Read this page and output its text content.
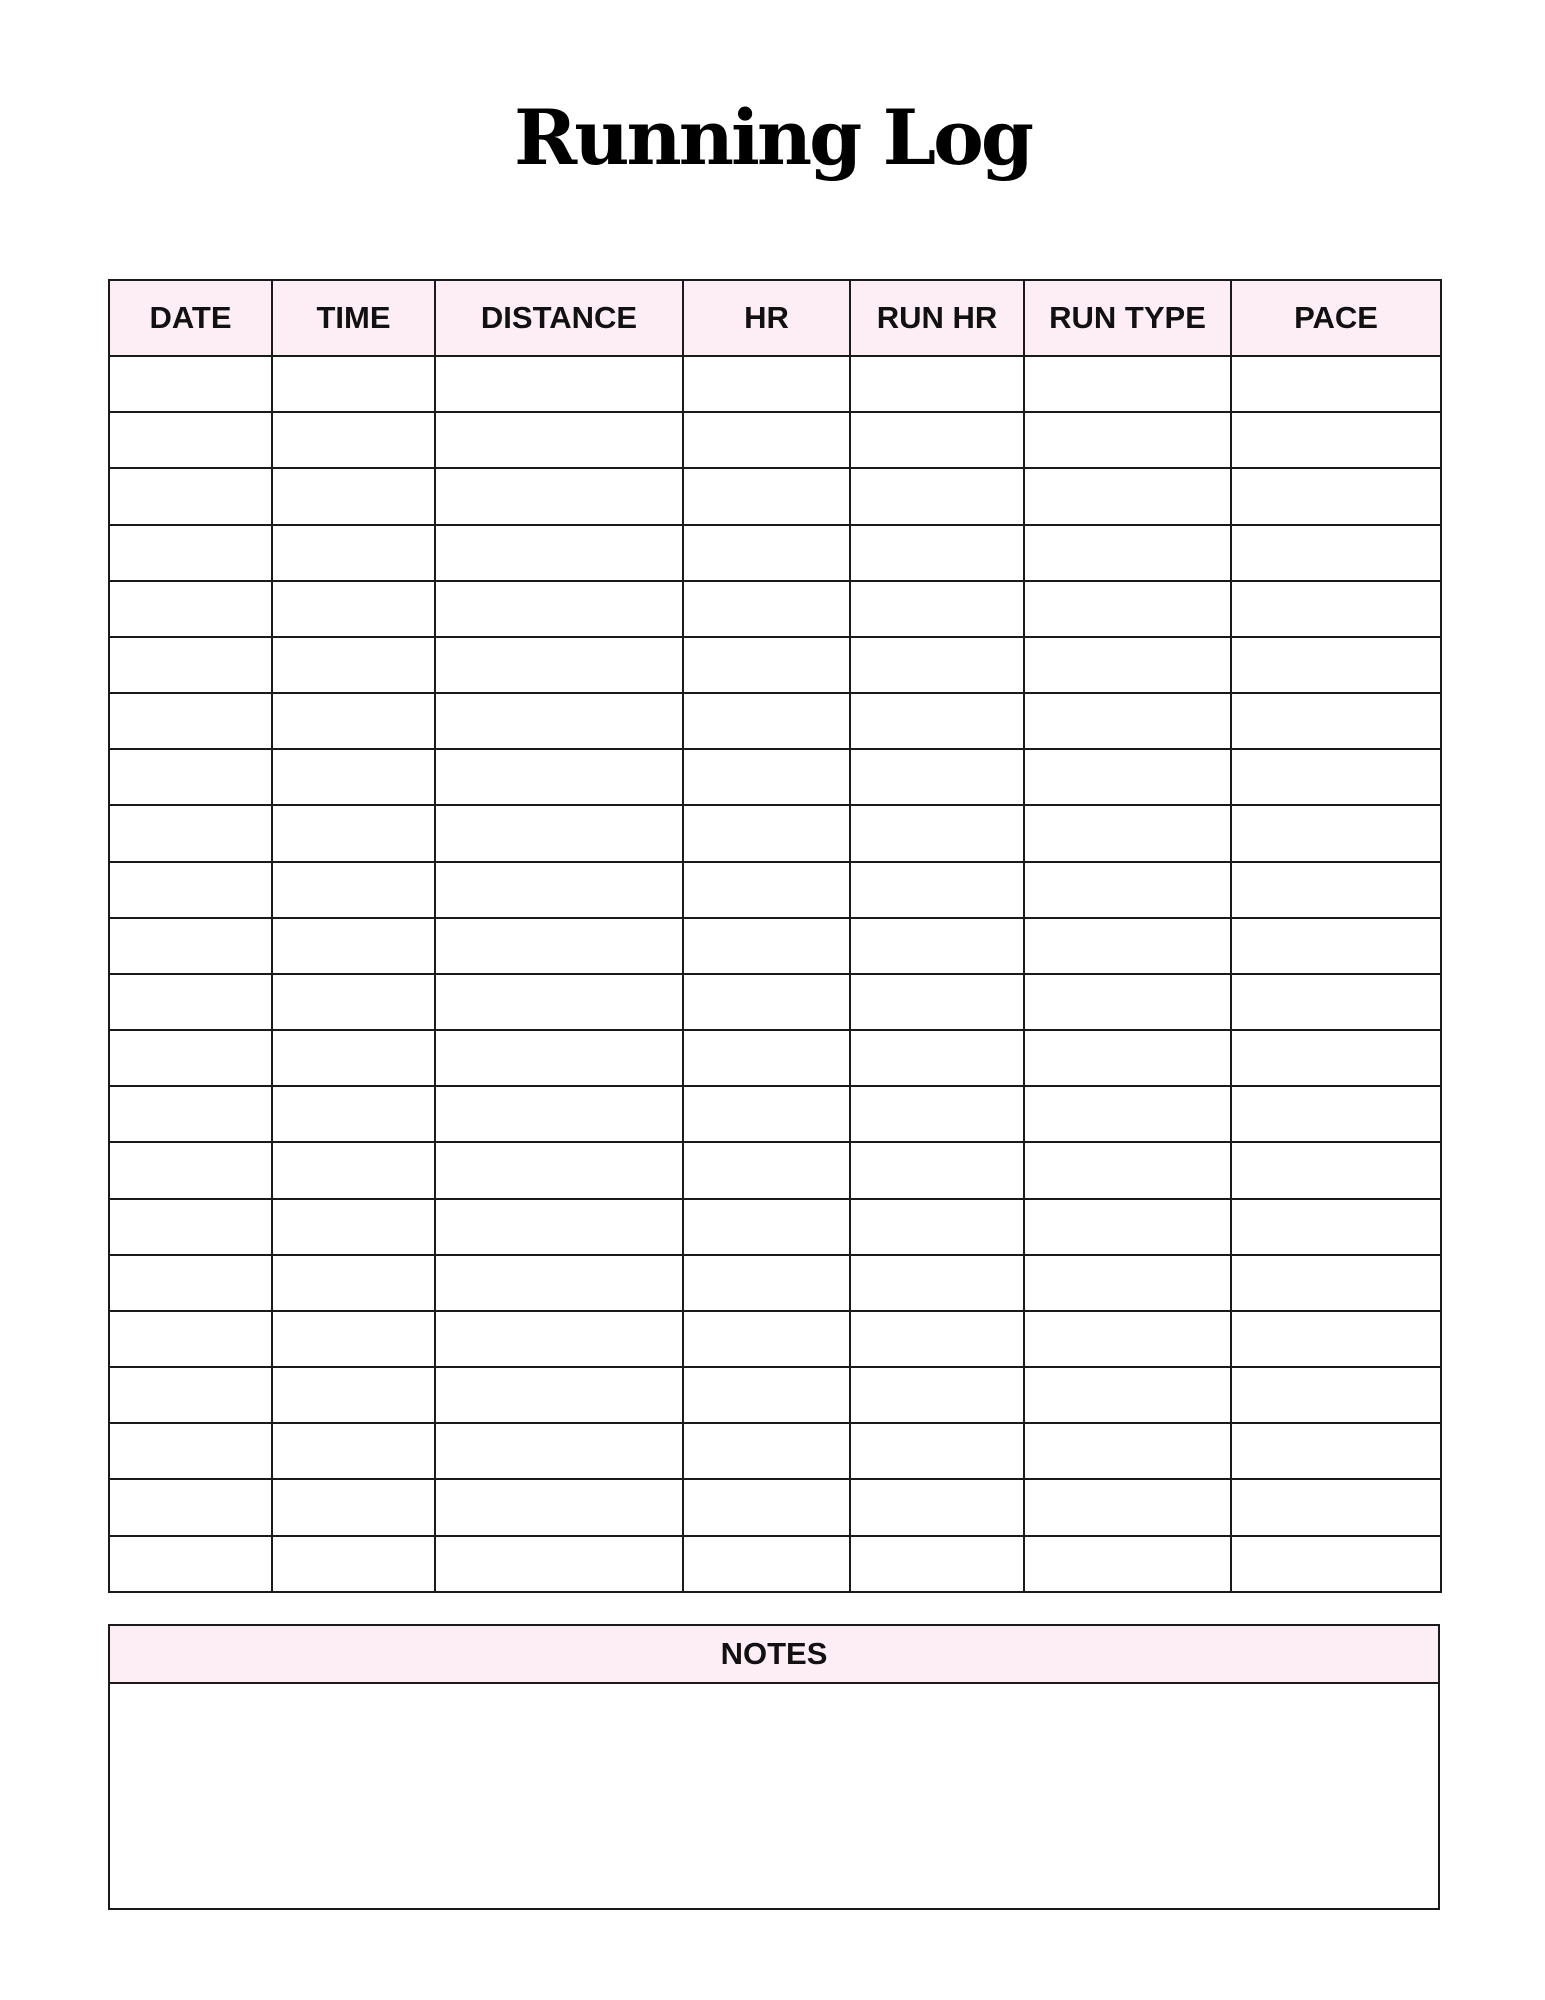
Running Log
DATE	TIME	DISTANCE	HR	RUN HR	RUN TYPE	PACE

NOTES
